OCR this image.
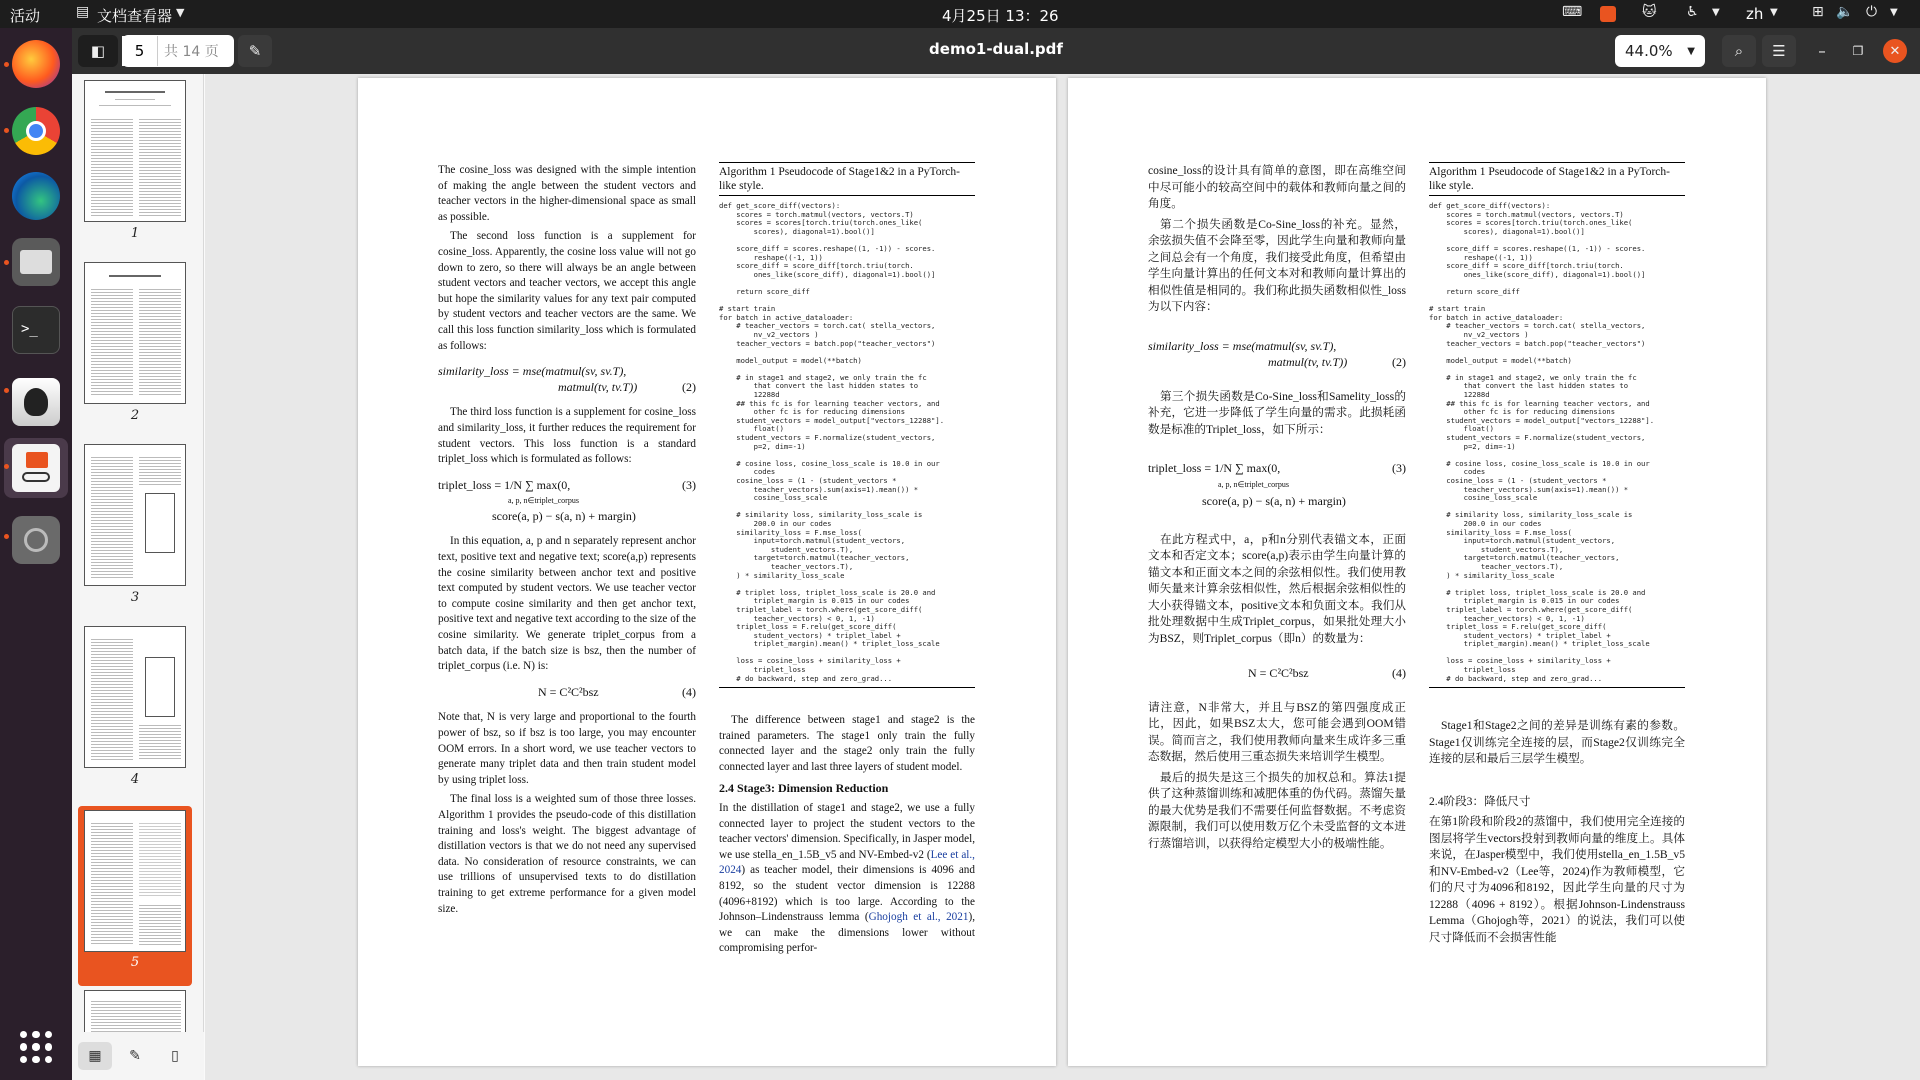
活动	▤ 文档查看器 ▼	4月25日 13：26	⌨	🐱 ♿ ▼ zh ▼ ⊞ 🔈 ⏻ ▼
>_
◧
5	共 14 页 ✎	demo1-dual.pdf	44.0% ▼	⌕ ☰ – ❐ ✕
1
2
3
4
5
▦ ✎ ▯

The cosine_loss was designed with the simple intention of making the angle between the student vectors and teacher vectors in the higher-dimensional space as small as possible.

The second loss function is a supplement for cosine_loss. Apparently, the cosine loss value will not go down to zero, so there will always be an angle between student vectors and teacher vectors, we accept this angle but hope the similarity values for any text pair computed by student vectors and teacher vectors are the same. We call this loss function similarity_loss which is formulated as follows:

similarity_loss = mse(matmul(sv, sv.T),
matmul(tv, tv.T))	(2)

The third loss function is a supplement for cosine_loss and similarity_loss, it further reduces the requirement for student vectors. This loss function is a standard triplet_loss which is formulated as follows:

triplet_loss = 1/N ∑ max(0,	(3)
a, p, n∈triplet_corpus
score(a, p) − s(a, n) + margin)

In this equation, a, p and n separately represent anchor text, positive text and negative text; score(a,p) represents the cosine similarity between anchor text and positive text computed by student vectors. We use teacher vector to compute cosine similarity and then get anchor text, positive text and negative text according to the size of the cosine similarity. We generate triplet_corpus from a batch data, if the batch size is bsz, then the number of triplet_corpus (i.e. N) is:

N = C²C²bsz	(4)

Note that, N is very large and proportional to the fourth power of bsz, so if bsz is too large, you may encounter OOM errors. In a short word, we use teacher vectors to generate many triplet data and then train student model by using triplet loss.

The final loss is a weighted sum of those three losses. Algorithm 1 provides the pseudo-code of this distillation training and loss's weight. The biggest advantage of distillation vectors is that we do not need any supervised data. No consideration of resource constraints, we can use trillions of unsupervised texts to do distillation training to get extreme performance for a given model size.

Algorithm 1 Pseudocode of Stage1&2 in a PyTorch-like style.
def get_score_diff(vectors):
scores = torch.matmul(vectors, vectors.T)
scores = scores[torch.triu(torch.ones_like(
scores), diagonal=1).bool()]

score_diff = scores.reshape((1, -1)) - scores.
reshape((-1, 1))
score_diff = score_diff[torch.triu(torch.
ones_like(score_diff), diagonal=1).bool()]

return score_diff

# start train
for batch in active_dataloader:
# teacher_vectors = torch.cat( stella_vectors,
nv_v2_vectors )
teacher_vectors = batch.pop("teacher_vectors")

model_output = model(**batch)

# in stage1 and stage2, we only train the fc
that convert the last hidden states to
12288d
## this fc is for learning teacher vectors, and
other fc is for reducing dimensions
student_vectors = model_output["vectors_12288"].
float()
student_vectors = F.normalize(student_vectors,
p=2, dim=-1)

# cosine loss, cosine_loss_scale is 10.0 in our
codes
cosine_loss = (1 - (student_vectors *
teacher_vectors).sum(axis=1).mean()) *
cosine_loss_scale

# similarity loss, similarity_loss_scale is
200.0 in our codes
similarity_loss = F.mse_loss(
input=torch.matmul(student_vectors,
student_vectors.T),
target=torch.matmul(teacher_vectors,
teacher_vectors.T),
) * similarity_loss_scale

# triplet loss, triplet_loss_scale is 20.0 and
triplet_margin is 0.015 in our codes
triplet_label = torch.where(get_score_diff(
teacher_vectors) < 0, 1, -1)
triplet_loss = F.relu(get_score_diff(
student_vectors) * triplet_label +
triplet_margin).mean() * triplet_loss_scale

loss = cosine_loss + similarity_loss +
triplet_loss
# do backward, step and zero_grad...

The difference between stage1 and stage2 is the trained parameters. The stage1 only train the fully connected layer and the stage2 only train the fully connected layer and last three layers of student model.

2.4 Stage3: Dimension Reduction

In the distillation of stage1 and stage2, we use a fully connected layer to project the student vectors to the teacher vectors' dimension. Specifically, in Jasper model, we use stella_en_1.5B_v5 and NV-Embed-v2 (Lee et al., 2024) as teacher model, their dimensions is 4096 and 8192, so the student vector dimension is 12288 (4096+8192) which is too large. According to the Johnson–Lindenstrauss lemma (Ghojogh et al., 2021), we can make the dimensions lower without compromising perfor-

cosine_loss的设计具有简单的意图，即在高维空间中尽可能小的较高空间中的载体和教师向量之间的角度。

第二个损失函数是Co-Sine_loss的补充。显然，余弦损失值不会降至零，因此学生向量和教师向量之间总会有一个角度，我们接受此角度，但希望由学生向量计算出的任何文本对和教师向量计算出的相似性值是相同的。我们称此损失函数相似性_loss为以下内容：

similarity_loss = mse(matmul(sv, sv.T),
matmul(tv, tv.T))	(2)

第三个损失函数是Co-Sine_loss和Samelity_loss的补充，它进一步降低了学生向量的需求。此损耗函数是标准的Triplet_loss，如下所示：

triplet_loss = 1/N ∑ max(0,	(3)
a, p, n∈triplet_corpus
score(a, p) − s(a, n) + margin)

在此方程式中，a，p和n分别代表锚文本，正面文本和否定文本；score(a,p)表示由学生向量计算的锚文本和正面文本之间的余弦相似性。我们使用教师矢量来计算余弦相似性，然后根据余弦相似性的大小获得锚文本，positive文本和负面文本。我们从批处理数据中生成Triplet_corpus，如果批处理大小为BSZ，则Triplet_corpus（即n）的数量为：

N = C²C²bsz	(4)

请注意，N非常大，并且与BSZ的第四强度成正比，因此，如果BSZ太大，您可能会遇到OOM错误。简而言之，我们使用教师向量来生成许多三重态数据，然后使用三重态损失来培训学生模型。

最后的损失是这三个损失的加权总和。算法1提供了这种蒸馏训练和减肥体重的伪代码。蒸馏矢量的最大优势是我们不需要任何监督数据。不考虑资源限制，我们可以使用数万亿个未受监督的文本进行蒸馏培训，以获得给定模型大小的极端性能。

Algorithm 1 Pseudocode of Stage1&2 in a PyTorch-like style.
def get_score_diff(vectors):
scores = torch.matmul(vectors, vectors.T)
scores = scores[torch.triu(torch.ones_like(
scores), diagonal=1).bool()]

score_diff = scores.reshape((1, -1)) - scores.
reshape((-1, 1))
score_diff = score_diff[torch.triu(torch.
ones_like(score_diff), diagonal=1).bool()]

return score_diff

# start train
for batch in active_dataloader:
# teacher_vectors = torch.cat( stella_vectors,
nv_v2_vectors )
teacher_vectors = batch.pop("teacher_vectors")

model_output = model(**batch)

# in stage1 and stage2, we only train the fc
that convert the last hidden states to
12288d
## this fc is for learning teacher vectors, and
other fc is for reducing dimensions
student_vectors = model_output["vectors_12288"].
float()
student_vectors = F.normalize(student_vectors,
p=2, dim=-1)

# cosine loss, cosine_loss_scale is 10.0 in our
codes
cosine_loss = (1 - (student_vectors *
teacher_vectors).sum(axis=1).mean()) *
cosine_loss_scale

# similarity loss, similarity_loss_scale is
200.0 in our codes
similarity_loss = F.mse_loss(
input=torch.matmul(student_vectors,
student_vectors.T),
target=torch.matmul(teacher_vectors,
teacher_vectors.T),
) * similarity_loss_scale

# triplet loss, triplet_loss_scale is 20.0 and
triplet_margin is 0.015 in our codes
triplet_label = torch.where(get_score_diff(
teacher_vectors) < 0, 1, -1)
triplet_loss = F.relu(get_score_diff(
student_vectors) * triplet_label +
triplet_margin).mean() * triplet_loss_scale

loss = cosine_loss + similarity_loss +
triplet_loss
# do backward, step and zero_grad...

Stage1和Stage2之间的差异是训练有素的参数。Stage1仅训练完全连接的层，而Stage2仅训练完全连接的层和最后三层学生模型。

2.4阶段3：降低尺寸

在第1阶段和阶段2的蒸馏中，我们使用完全连接的图层将学生vectors投射到教师向量的维度上。具体来说，在Jasper模型中，我们使用stella_en_1.5B_v5和NV-Embed-v2（Lee等，2024)作为教师模型，它们的尺寸为4096和8192，因此学生向量的尺寸为12288（4096 + 8192）。根据Johnson-Lindenstrauss Lemma（Ghojogh等，2021）的说法，我们可以使尺寸降低而不会损害性能
